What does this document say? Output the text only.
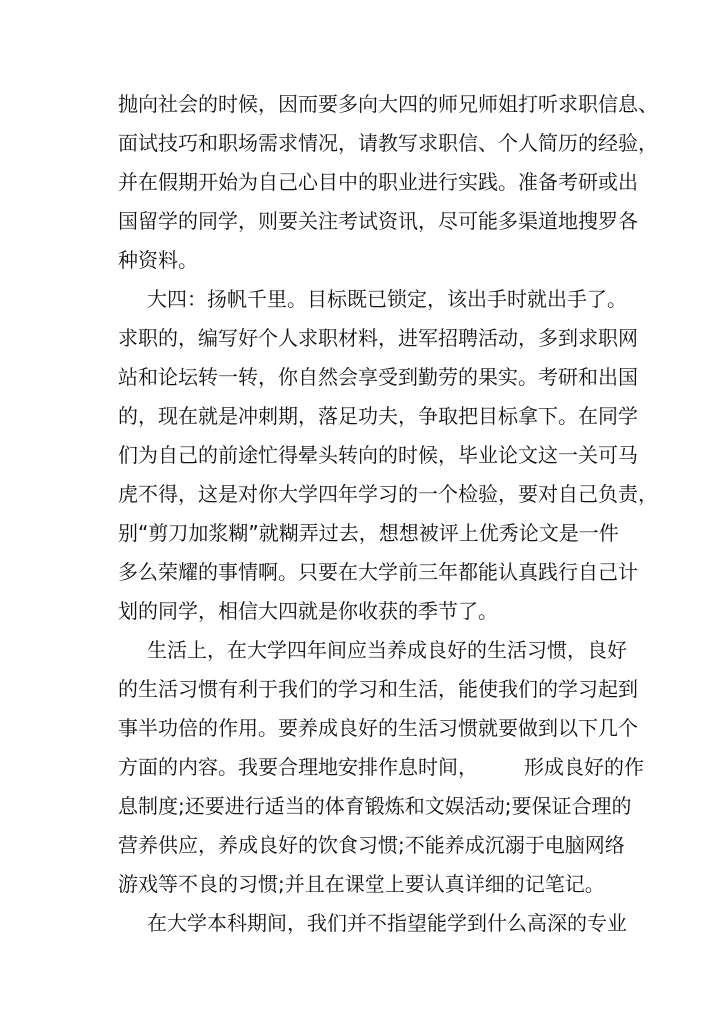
抛向社会的时候，因而要多向大四的师兄师姐打听求职信息、
面试技巧和职场需求情况，请教写求职信、个人简历的经验，
并在假期开始为自己心目中的职业进行实践。准备考研或出
国留学的同学，则要关注考试资讯，尽可能多渠道地搜罗各
种资料。
大四：扬帆千里。目标既已锁定，该出手时就出手了。
求职的，编写好个人求职材料，进军招聘活动，多到求职网
站和论坛转一转，你自然会享受到勤劳的果实。考研和出国
的，现在就是冲刺期，落足功夫，争取把目标拿下。在同学
们为自己的前途忙得晕头转向的时候，毕业论文这一关可马
虎不得，这是对你大学四年学习的一个检验，要对自己负责，
别“剪刀加浆糊”就糊弄过去，想想被评上优秀论文是一件
多么荣耀的事情啊。只要在大学前三年都能认真践行自己计
划的同学，相信大四就是你收获的季节了。
生活上，在大学四年间应当养成良好的生活习惯，良好
的生活习惯有利于我们的学习和生活，能使我们的学习起到
事半功倍的作用。要养成良好的生活习惯就要做到以下几个
方面的内容。我要合理地安排作息时间， 形成良好的作
息制度;还要进行适当的体育锻炼和文娱活动;要保证合理的
营养供应，养成良好的饮食习惯;不能养成沉溺于电脑网络
游戏等不良的习惯;并且在课堂上要认真详细的记笔记。
在大学本科期间，我们并不指望能学到什么高深的专业
